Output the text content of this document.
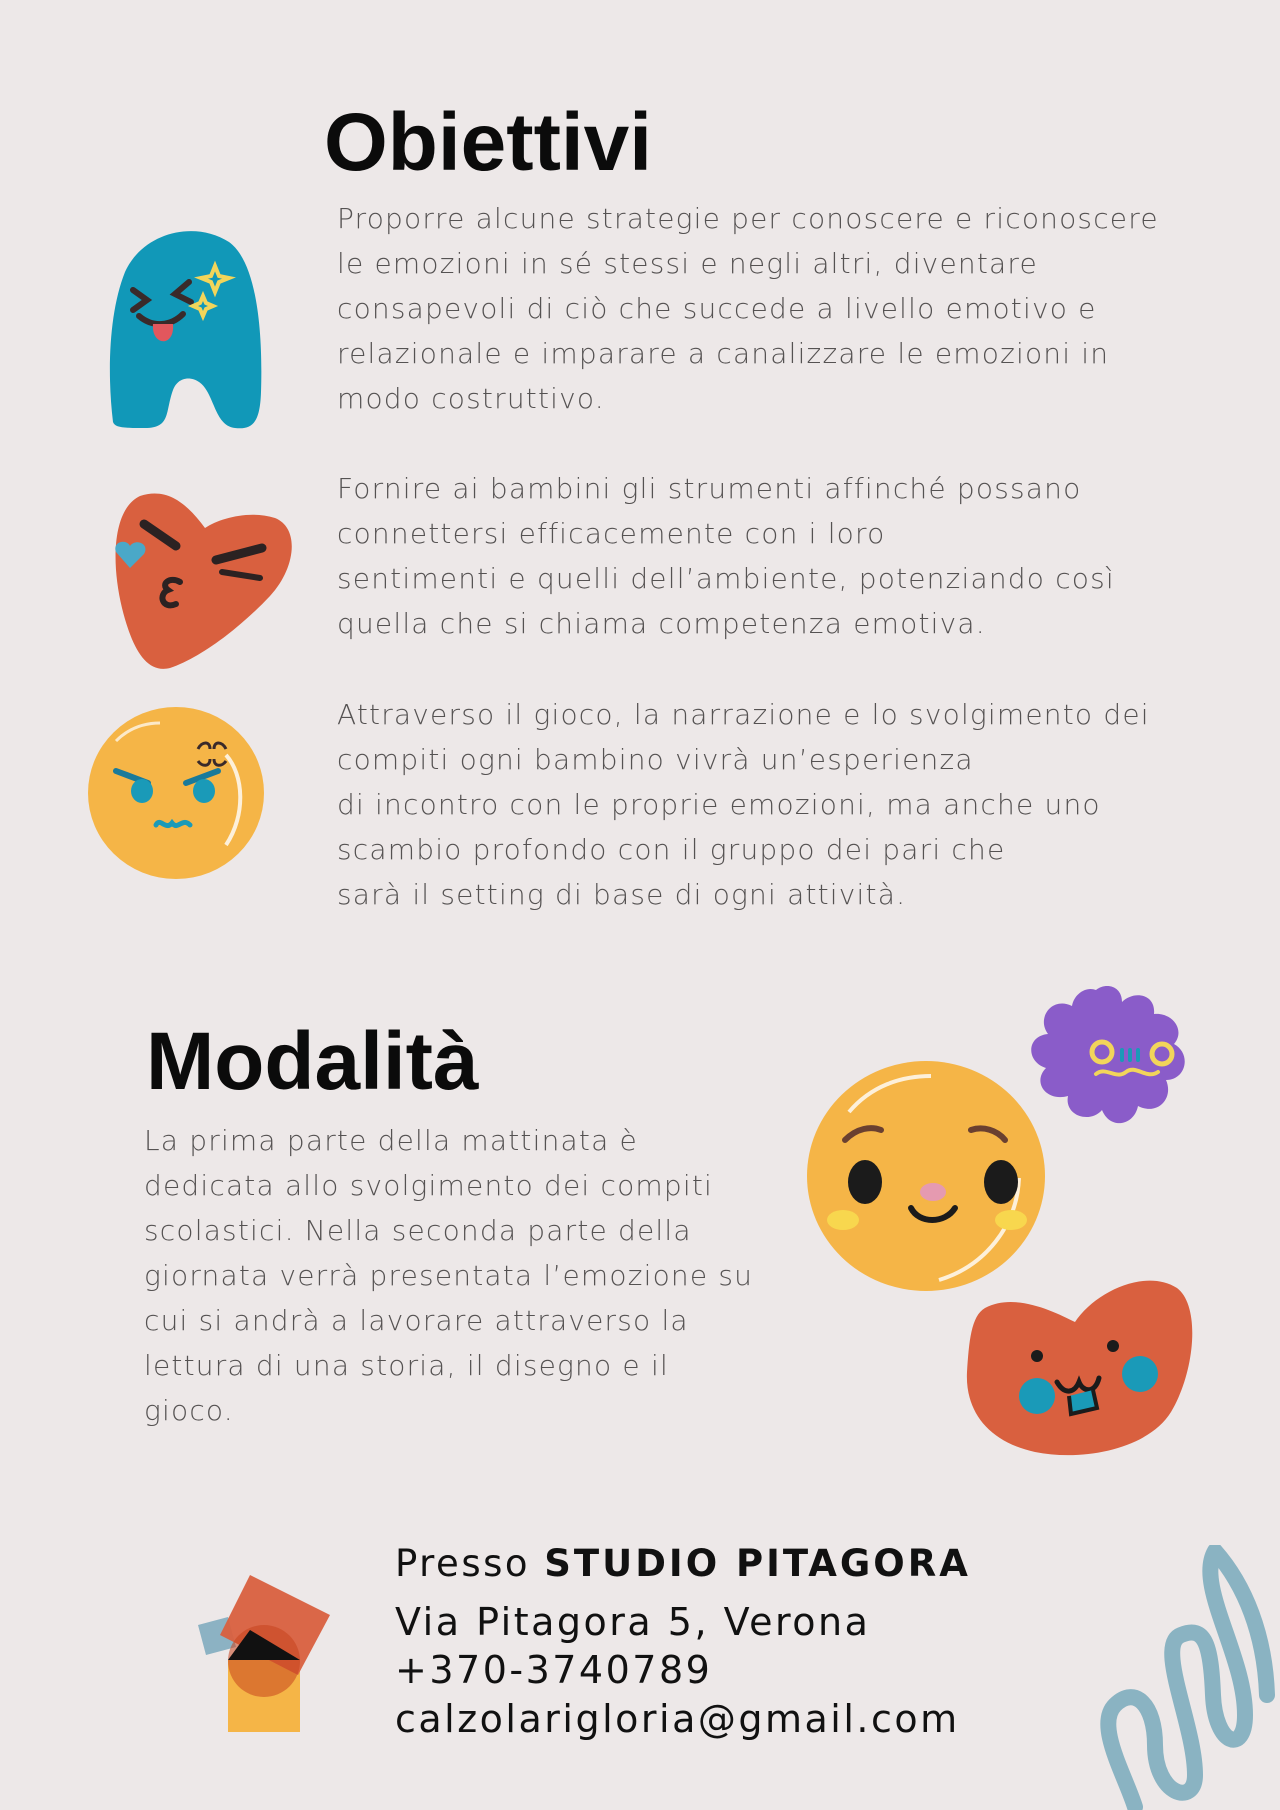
Obiettivi

Proporre alcune strategie per conoscere e riconoscere
le emozioni in sé stessi e negli altri, diventare
consapevoli di ciò che succede a livello emotivo e
relazionale e imparare a canalizzare le emozioni in
modo costruttivo.

Fornire ai bambini gli strumenti affinché possano
connettersi efficacemente con i loro
sentimenti e quelli dell’ambiente, potenziando così
quella che si chiama competenza emotiva.

Attraverso il gioco, la narrazione e lo svolgimento dei
compiti ogni bambino vivrà un’esperienza
di incontro con le proprie emozioni, ma anche uno
scambio profondo con il gruppo dei pari che
sarà il setting di base di ogni attività.

Modalità

La prima parte della mattinata è
dedicata allo svolgimento dei compiti
scolastici. Nella seconda parte della
giornata verrà presentata l’emozione su
cui si andrà a lavorare attraverso la
lettura di una storia, il disegno e il
gioco.

Presso STUDIO PITAGORA
Via Pitagora 5, Verona
+370-3740789
calzolarigloria@gmail.com
